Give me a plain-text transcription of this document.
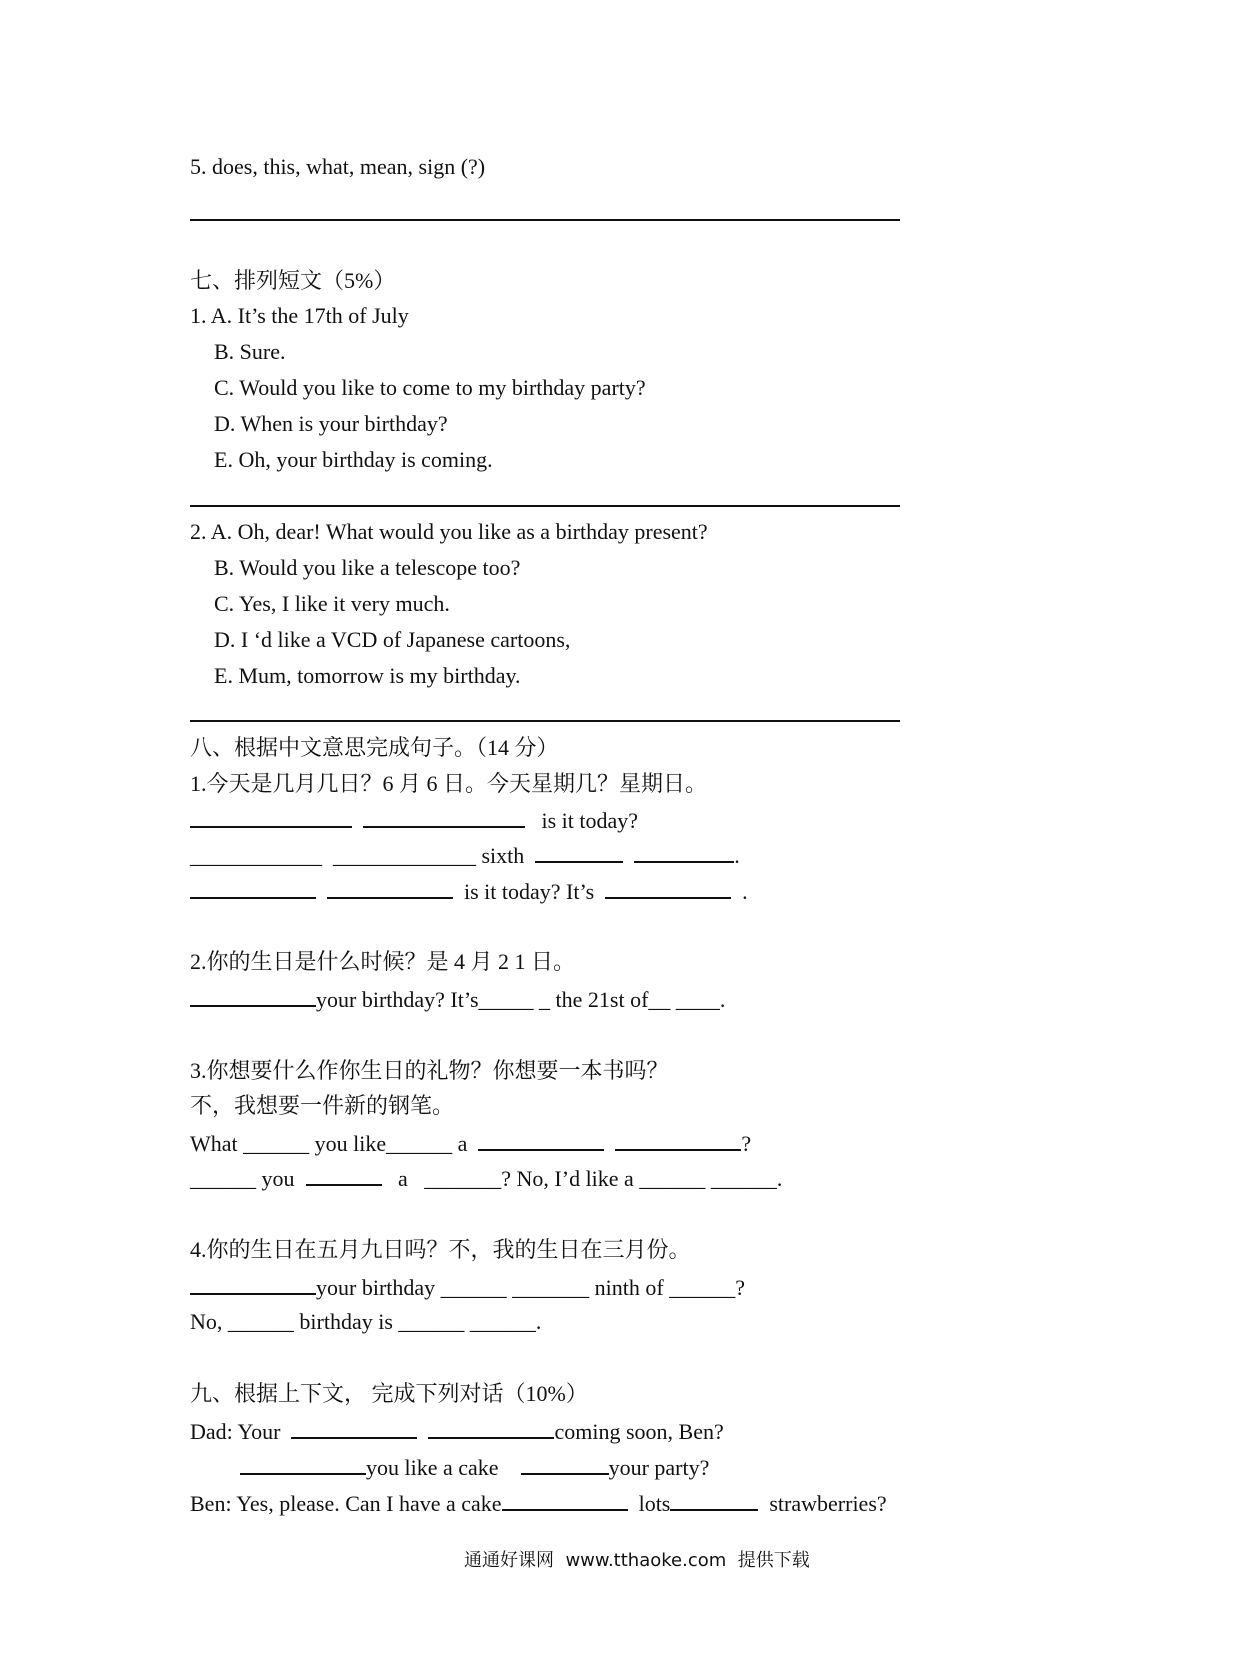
5. does, this, what, mean, sign (?)
七、排列短文（5%）
1. A. It’s the 17th of July
B. Sure.
C. Would you like to come to my birthday party?
D. When is your birthday?
E. Oh, your birthday is coming.
2. A. Oh, dear! What would you like as a birthday present?
B. Would you like a telescope too?
C. Yes, I like it very much.
D. I ‘d like a VCD of Japanese cartoons,
E. Mum, tomorrow is my birthday.
八、根据中文意思完成句子。（14 分）
1.今天是几月几日？6 月 6 日。今天星期几？星期日。
is it today?
____________  _____________ sixth	.
is it today? It’s	.
2.你的生日是什么时候？是 4 月 2 1 日。
your birthday? It’s_____ _ the 21st of__ ____.
3.你想要什么作你生日的礼物？你想要一本书吗？
不，我想要一件新的钢笔。
What ______ you like______ a	?
______ you	a _______? No, I’d like a ______ ______.
4.你的生日在五月九日吗？不，我的生日在三月份。
your birthday ______ _______ ninth of ______?
No, ______ birthday is ______ ______.
九、根据上下文， 完成下列对话（10%）
Dad: Your	coming soon, Ben?
you like a cake	your party?
Ben: Yes, please. Can I have a cake	lots	strawberries?
通通好课网  www.tthaoke.com  提供下载
